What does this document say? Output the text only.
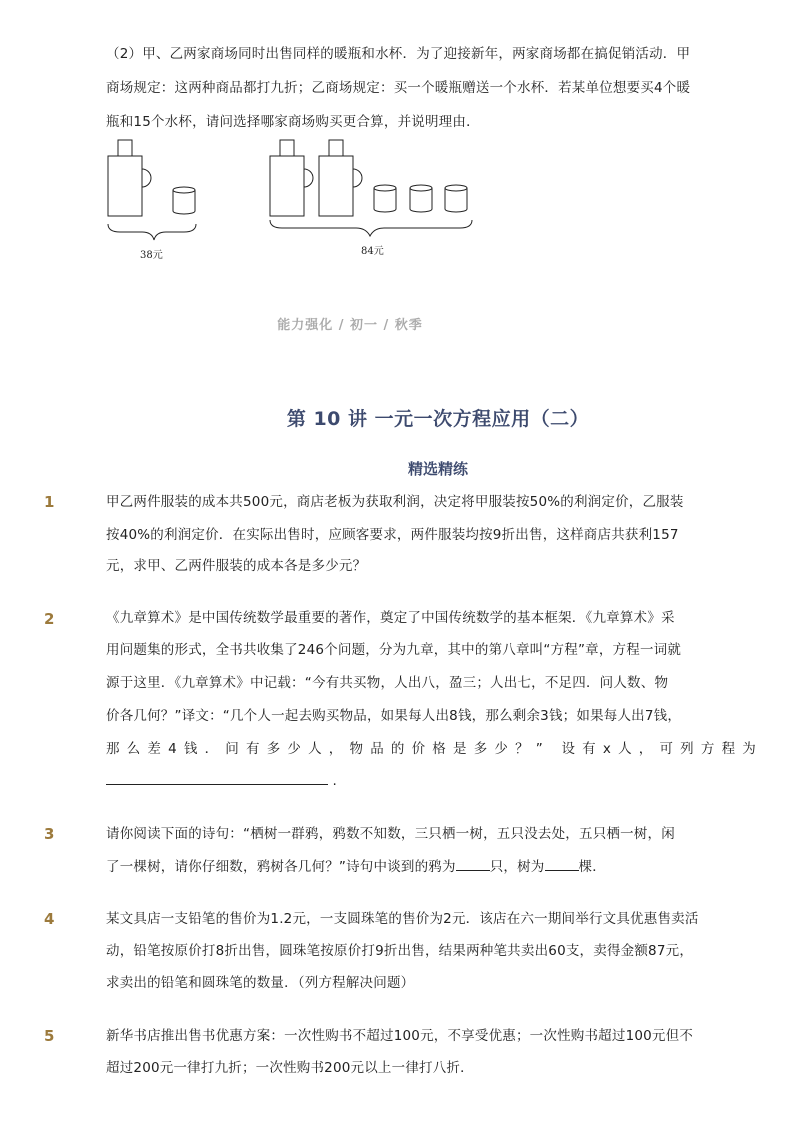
（2）甲、乙两家商场同时出售同样的暖瓶和水杯．为了迎接新年，两家商场都在搞促销活动．甲
商场规定：这两种商品都打九折；乙商场规定：买一个暖瓶赠送一个水杯．若某单位想要买4个暖
瓶和15个水杯，请问选择哪家商场购买更合算，并说明理由．
38元	84元
能力强化 / 初一 / 秋季
第 10 讲 一元一次方程应用（二）
精选精练
1	甲乙两件服装的成本共500元，商店老板为获取利润，决定将甲服装按50%的利润定价，乙服装
按40%的利润定价．在实际出售时，应顾客要求，两件服装均按9折出售，这样商店共获利157
元，求甲、乙两件服装的成本各是多少元？
2	《九章算术》是中国传统数学最重要的著作，奠定了中国传统数学的基本框架．《九章算术》采
用问题集的形式，全书共收集了246个问题，分为九章，其中的第八章叫“方程”章，方程一词就
源于这里．《九章算术》中记载：“今有共买物，人出八，盈三；人出七，不足四．问人数、物
价各几何？”译文：“几个人一起去购买物品，如果每人出8钱，那么剩余3钱；如果每人出7钱，
那么差4钱．问有多少人，物品的价格是多少？” 设有x人，可列方程为
.
3	请你阅读下面的诗句：“栖树一群鸦，鸦数不知数，三只栖一树，五只没去处，五只栖一树，闲
了一棵树，请你仔细数，鸦树各几何？”诗句中谈到的鸦为	只，树为	棵．
4	某文具店一支铅笔的售价为1.2元，一支圆珠笔的售价为2元．该店在六一期间举行文具优惠售卖活
动，铅笔按原价打8折出售，圆珠笔按原价打9折出售，结果两种笔共卖出60支，卖得金额87元，
求卖出的铅笔和圆珠笔的数量．（列方程解决问题）
5	新华书店推出售书优惠方案：一次性购书不超过100元，不享受优惠；一次性购书超过100元但不
超过200元一律打九折；一次性购书200元以上一律打八折．
